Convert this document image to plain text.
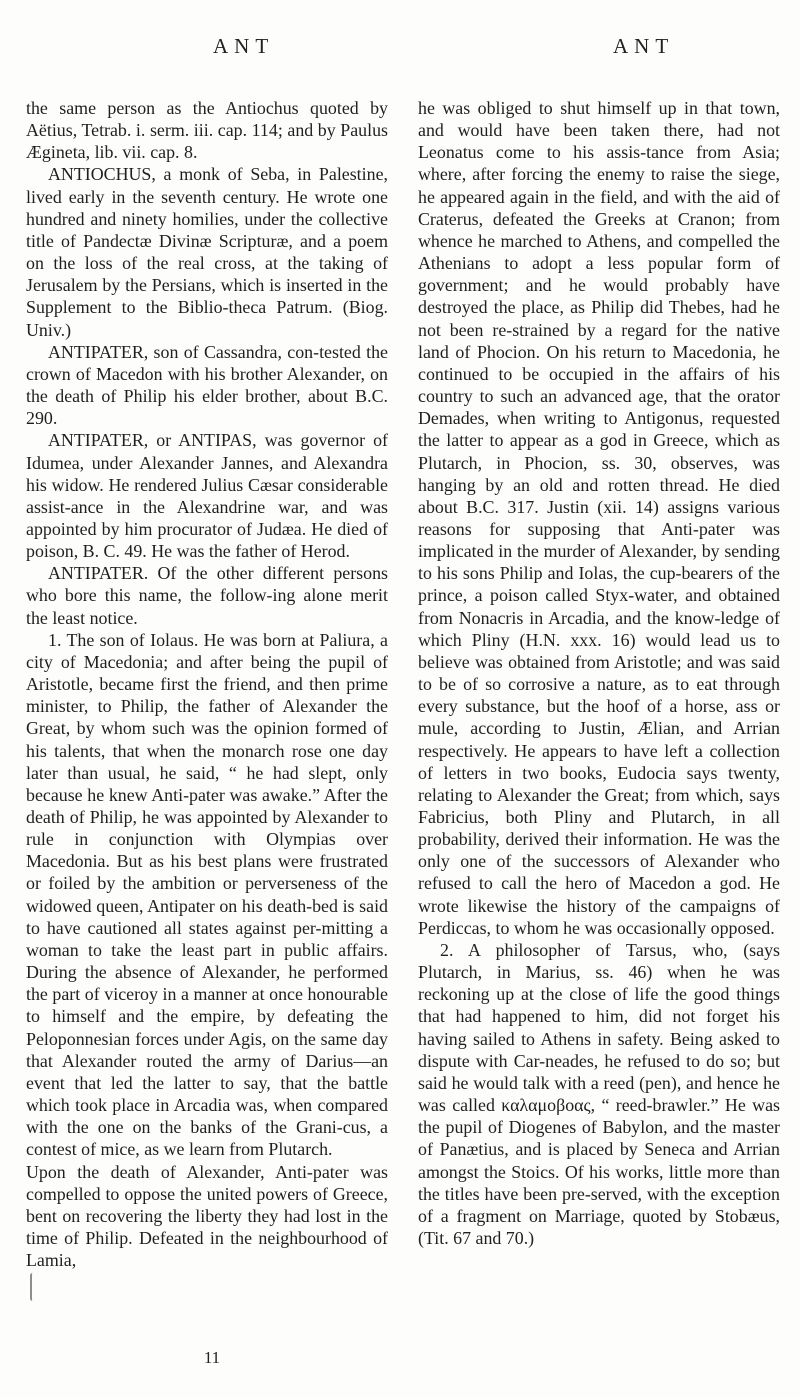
ANT	ANT

the same person as the Antiochus quoted by Aëtius, Tetrab. i. serm. iii. cap. 114; and by Paulus Ægineta, lib. vii. cap. 8.

ANTIOCHUS, a monk of Seba, in Palestine, lived early in the seventh century. He wrote one hundred and ninety homilies, under the collective title of Pandectæ Divinæ Scripturæ, and a poem on the loss of the real cross, at the taking of Jerusalem by the Persians, which is inserted in the Supplement to the Biblio-theca Patrum. (Biog. Univ.)

ANTIPATER, son of Cassandra, con-tested the crown of Macedon with his brother Alexander, on the death of Philip his elder brother, about B.C. 290.

ANTIPATER, or ANTIPAS, was governor of Idumea, under Alexander Jannes, and Alexandra his widow. He rendered Julius Cæsar considerable assist-ance in the Alexandrine war, and was appointed by him procurator of Judæa. He died of poison, B. C. 49. He was the father of Herod.

ANTIPATER. Of the other different persons who bore this name, the follow-ing alone merit the least notice.

1. The son of Iolaus. He was born at Paliura, a city of Macedonia; and after being the pupil of Aristotle, became first the friend, and then prime minister, to Philip, the father of Alexander the Great, by whom such was the opinion formed of his talents, that when the monarch rose one day later than usual, he said, “ he had slept, only because he knew Anti-pater was awake.” After the death of Philip, he was appointed by Alexander to rule in conjunction with Olympias over Macedonia. But as his best plans were frustrated or foiled by the ambition or perverseness of the widowed queen, Antipater on his death-bed is said to have cautioned all states against per-mitting a woman to take the least part in public affairs. During the absence of Alexander, he performed the part of viceroy in a manner at once honourable to himself and the empire, by defeating the Peloponnesian forces under Agis, on the same day that Alexander routed the army of Darius—an event that led the latter to say, that the battle which took place in Arcadia was, when compared with the one on the banks of the Grani-cus, a contest of mice, as we learn from Plutarch.

Upon the death of Alexander, Anti-pater was compelled to oppose the united powers of Greece, bent on recovering the liberty they had lost in the time of Philip. Defeated in the neighbourhood of Lamia,

11

he was obliged to shut himself up in that town, and would have been taken there, had not Leonatus come to his assis-tance from Asia; where, after forcing the enemy to raise the siege, he appeared again in the field, and with the aid of Craterus, defeated the Greeks at Cranon; from whence he marched to Athens, and compelled the Athenians to adopt a less popular form of government; and he would probably have destroyed the place, as Philip did Thebes, had he not been re-strained by a regard for the native land of Phocion. On his return to Macedonia, he continued to be occupied in the affairs of his country to such an advanced age, that the orator Demades, when writing to Antigonus, requested the latter to appear as a god in Greece, which as Plutarch, in Phocion, ss. 30, observes, was hanging by an old and rotten thread. He died about B.C. 317. Justin (xii. 14) assigns various reasons for supposing that Anti-pater was implicated in the murder of Alexander, by sending to his sons Philip and Iolas, the cup-bearers of the prince, a poison called Styx-water, and obtained from Nonacris in Arcadia, and the know-ledge of which Pliny (H.N. xxx. 16) would lead us to believe was obtained from Aristotle; and was said to be of so corrosive a nature, as to eat through every substance, but the hoof of a horse, ass or mule, according to Justin, Ælian, and Arrian respectively. He appears to have left a collection of letters in two books, Eudocia says twenty, relating to Alexander the Great; from which, says Fabricius, both Pliny and Plutarch, in all probability, derived their information. He was the only one of the successors of Alexander who refused to call the hero of Macedon a god. He wrote likewise the history of the campaigns of Perdiccas, to whom he was occasionally opposed.

2. A philosopher of Tarsus, who, (says Plutarch, in Marius, ss. 46) when he was reckoning up at the close of life the good things that had happened to him, did not forget his having sailed to Athens in safety. Being asked to dispute with Car-neades, he refused to do so; but said he would talk with a reed (pen), and hence he was called καλαμοβοας, “ reed-brawler.” He was the pupil of Diogenes of Babylon, and the master of Panætius, and is placed by Seneca and Arrian amongst the Stoics. Of his works, little more than the titles have been pre-served, with the exception of a fragment on Marriage, quoted by Stobæus, (Tit. 67 and 70.)
